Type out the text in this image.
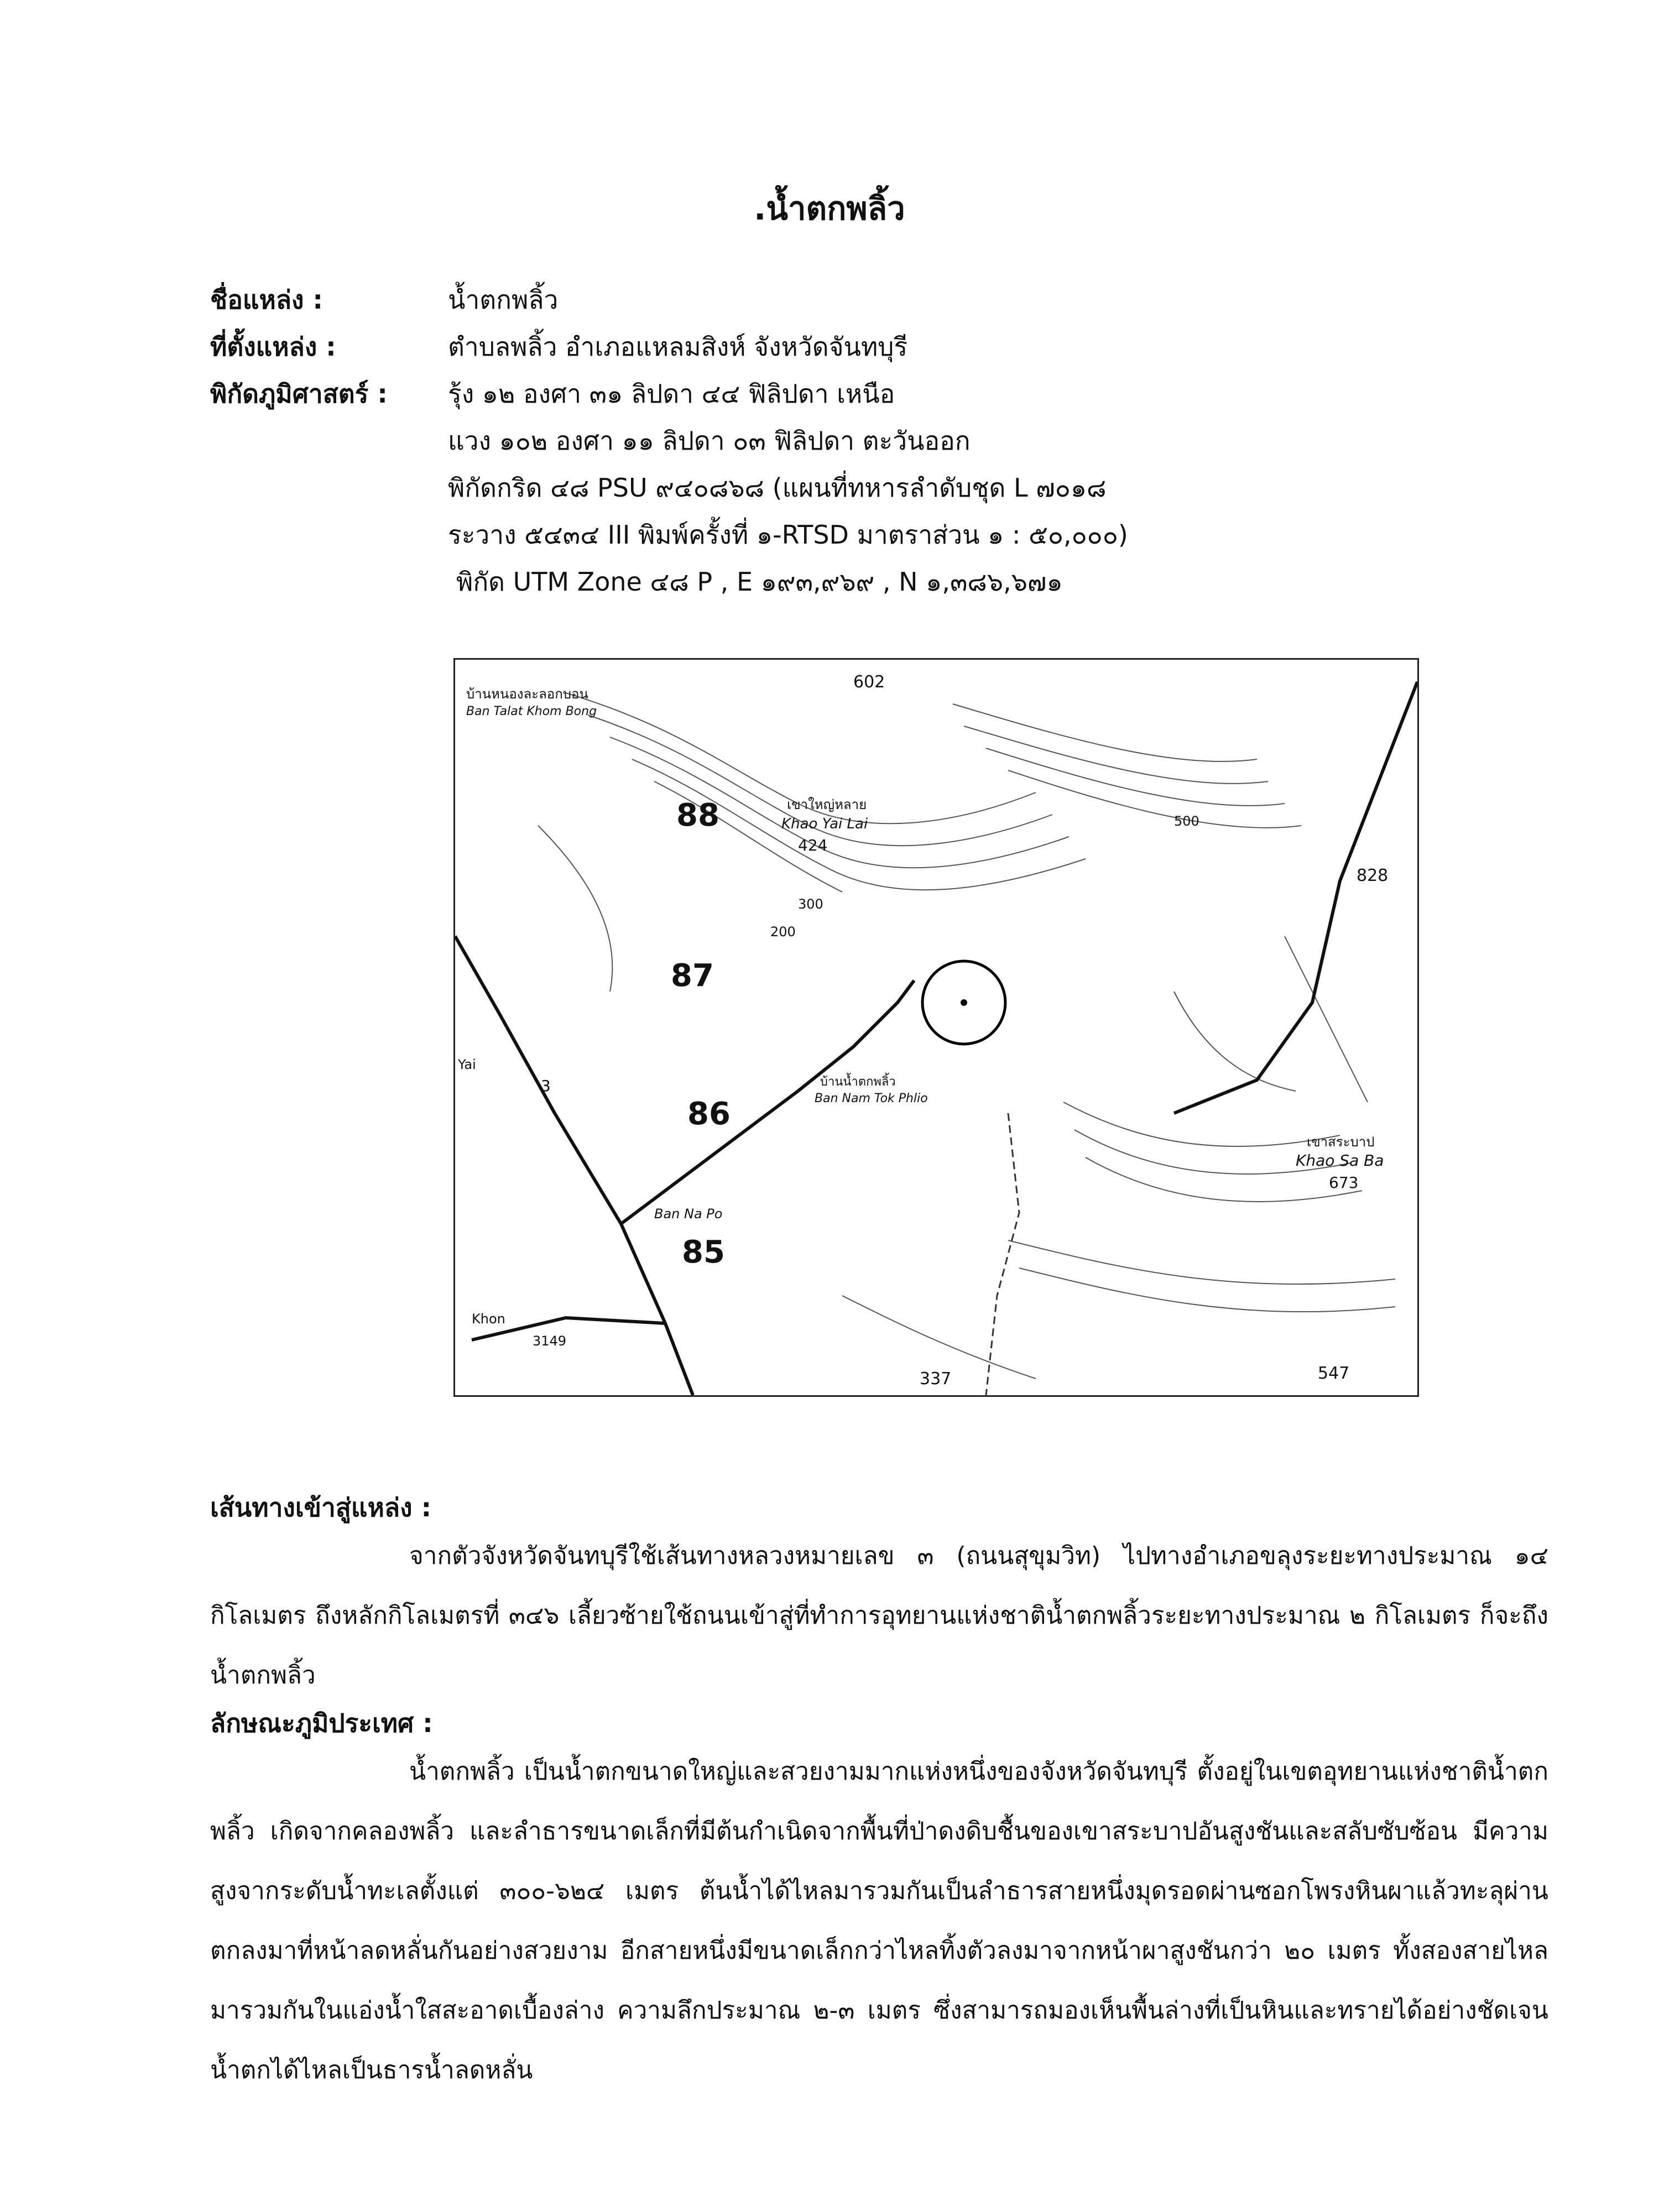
.น้ำตกพลิ้ว
ชื่อแหล่ง :	น้ำตกพลิ้ว
ที่ตั้งแหล่ง :	ตำบลพลิ้ว อำเภอแหลมสิงห์ จังหวัดจันทบุรี
พิกัดภูมิศาสตร์ :	รุ้ง ๑๒ องศา ๓๑ ลิปดา ๔๔ ฟิลิปดา เหนือ
แวง ๑๐๒ องศา ๑๑ ลิปดา ๐๓ ฟิลิปดา ตะวันออก
พิกัดกริด ๔๘ PSU ๙๔๐๘๖๘ (แผนที่ทหารลำดับชุด L ๗๐๑๘
ระวาง ๕๔๓๔ III พิมพ์ครั้งที่ ๑-RTSD มาตราส่วน ๑ : ๕๐,๐๐๐)
พิกัด UTM Zone ๔๘ P , E ๑๙๓,๙๖๙ , N ๑,๓๘๖,๖๗๑
บ้านหนองละลอกบอน
Ban Talat Khom Bong
602
เขาใหญ่หลาย
Khao Yai Lai
424
88
87
86
85
300
200
500
828
บ้านน้ำตกพลิ้ว
Ban Nam Tok Phlio
Ban Na Po
เขาสระบาป
Khao Sa Ba
673
337	547
3
3149
Yai
Khon
เส้นทางเข้าสู่แหล่ง :
จากตัวจังหวัดจันทบุรีใช้เส้นทางหลวงหมายเลข ๓ (ถนนสุขุมวิท) ไปทางอำเภอขลุงระยะทางประมาณ ๑๔ กิโลเมตร ถึงหลักกิโลเมตรที่ ๓๔๖ เลี้ยวซ้ายใช้ถนนเข้าสู่ที่ทำการอุทยานแห่งชาติน้ำตกพลิ้วระยะทางประมาณ ๒ กิโลเมตร ก็จะถึงน้ำตกพลิ้ว
ลักษณะภูมิประเทศ :
น้ำตกพลิ้ว เป็นน้ำตกขนาดใหญ่และสวยงามมากแห่งหนึ่งของจังหวัดจันทบุรี ตั้งอยู่ในเขตอุทยานแห่งชาติน้ำตกพลิ้ว เกิดจากคลองพลิ้ว และลำธารขนาดเล็กที่มีต้นกำเนิดจากพื้นที่ป่าดงดิบชื้นของเขาสระบาปอันสูงชันและสลับซับซ้อน มีความสูงจากระดับน้ำทะเลตั้งแต่ ๓๐๐-๖๒๔ เมตร ต้นน้ำได้ไหลมารวมกันเป็นลำธารสายหนึ่งมุดรอดผ่านซอกโพรงหินผาแล้วทะลุผ่านตกลงมาที่หน้าลดหลั่นกันอย่างสวยงาม อีกสายหนึ่งมีขนาดเล็กกว่าไหลทิ้งตัวลงมาจากหน้าผาสูงชันกว่า ๒๐ เมตร ทั้งสองสายไหลมารวมกันในแอ่งน้ำใสสะอาดเบื้องล่าง ความลึกประมาณ ๒-๓ เมตร ซึ่งสามารถมองเห็นพื้นล่างที่เป็นหินและทรายได้อย่างชัดเจน น้ำตกได้ไหลเป็นธารน้ำลดหลั่น
